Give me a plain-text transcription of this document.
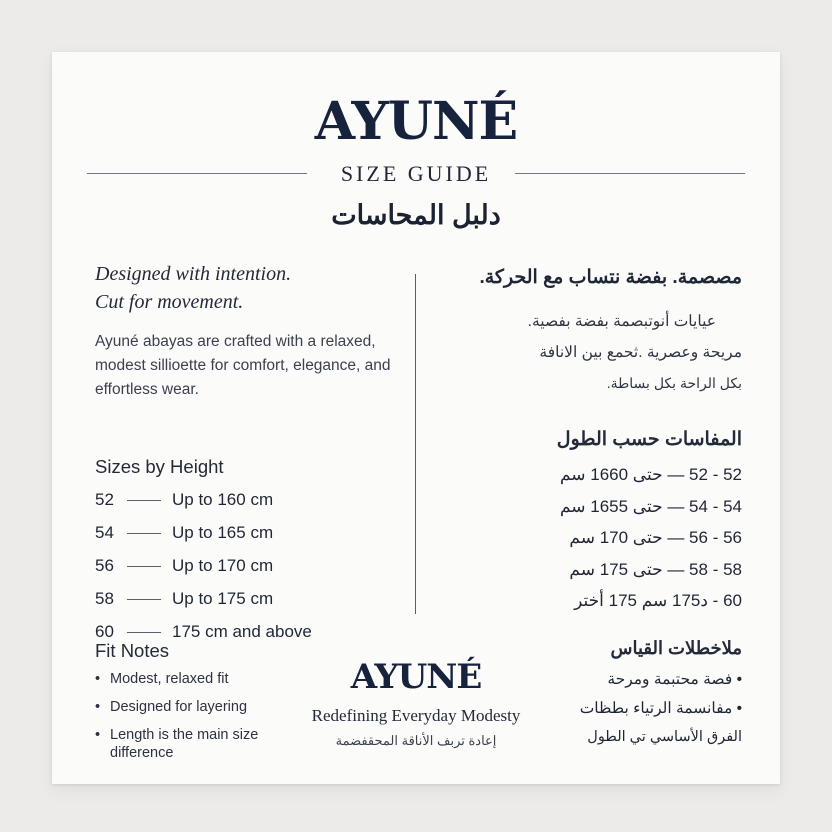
AYUNÉ
SIZE GUIDE
دلبل المحاسات
Designed with intention.
Cut for movement.
Ayuné abayas are crafted with a relaxed, modest sillioette for comfort, elegance, and effortless wear.
Sizes by Height
52	Up to 160 cm
54	Up to 165 cm
56	Up to 170 cm
58	Up to 175 cm
60	175 cm and above
Fit Notes
• Modest, relaxed fit
• Designed for layering
• Length is the main size difference
مصصمة. بفضة نتساب مع الحركة.
عيايات أنوتبصمة بفضة بفصية.
مريحة وعصرية .ثحمع بين الانافة
بكل الراحة بكل بساطة.
المفاسات حسب الطول
52 - 52 — حتى 1660 سم
54 - 54 — حتى 1655 سم
56 - 56 — حتى 170 سم
58 - 58 — حتى 175 سم
60 - د175 سم 175 أختر
ملاخطلات القياس
• فصة محتبمة ومرحة
• مفانسمة الرتياء بطظات
الفرق الأساسي تي الطول
AYUNÉ
Redefining Everyday Modesty
إعادة تربف الأناقة المحقفضمة
